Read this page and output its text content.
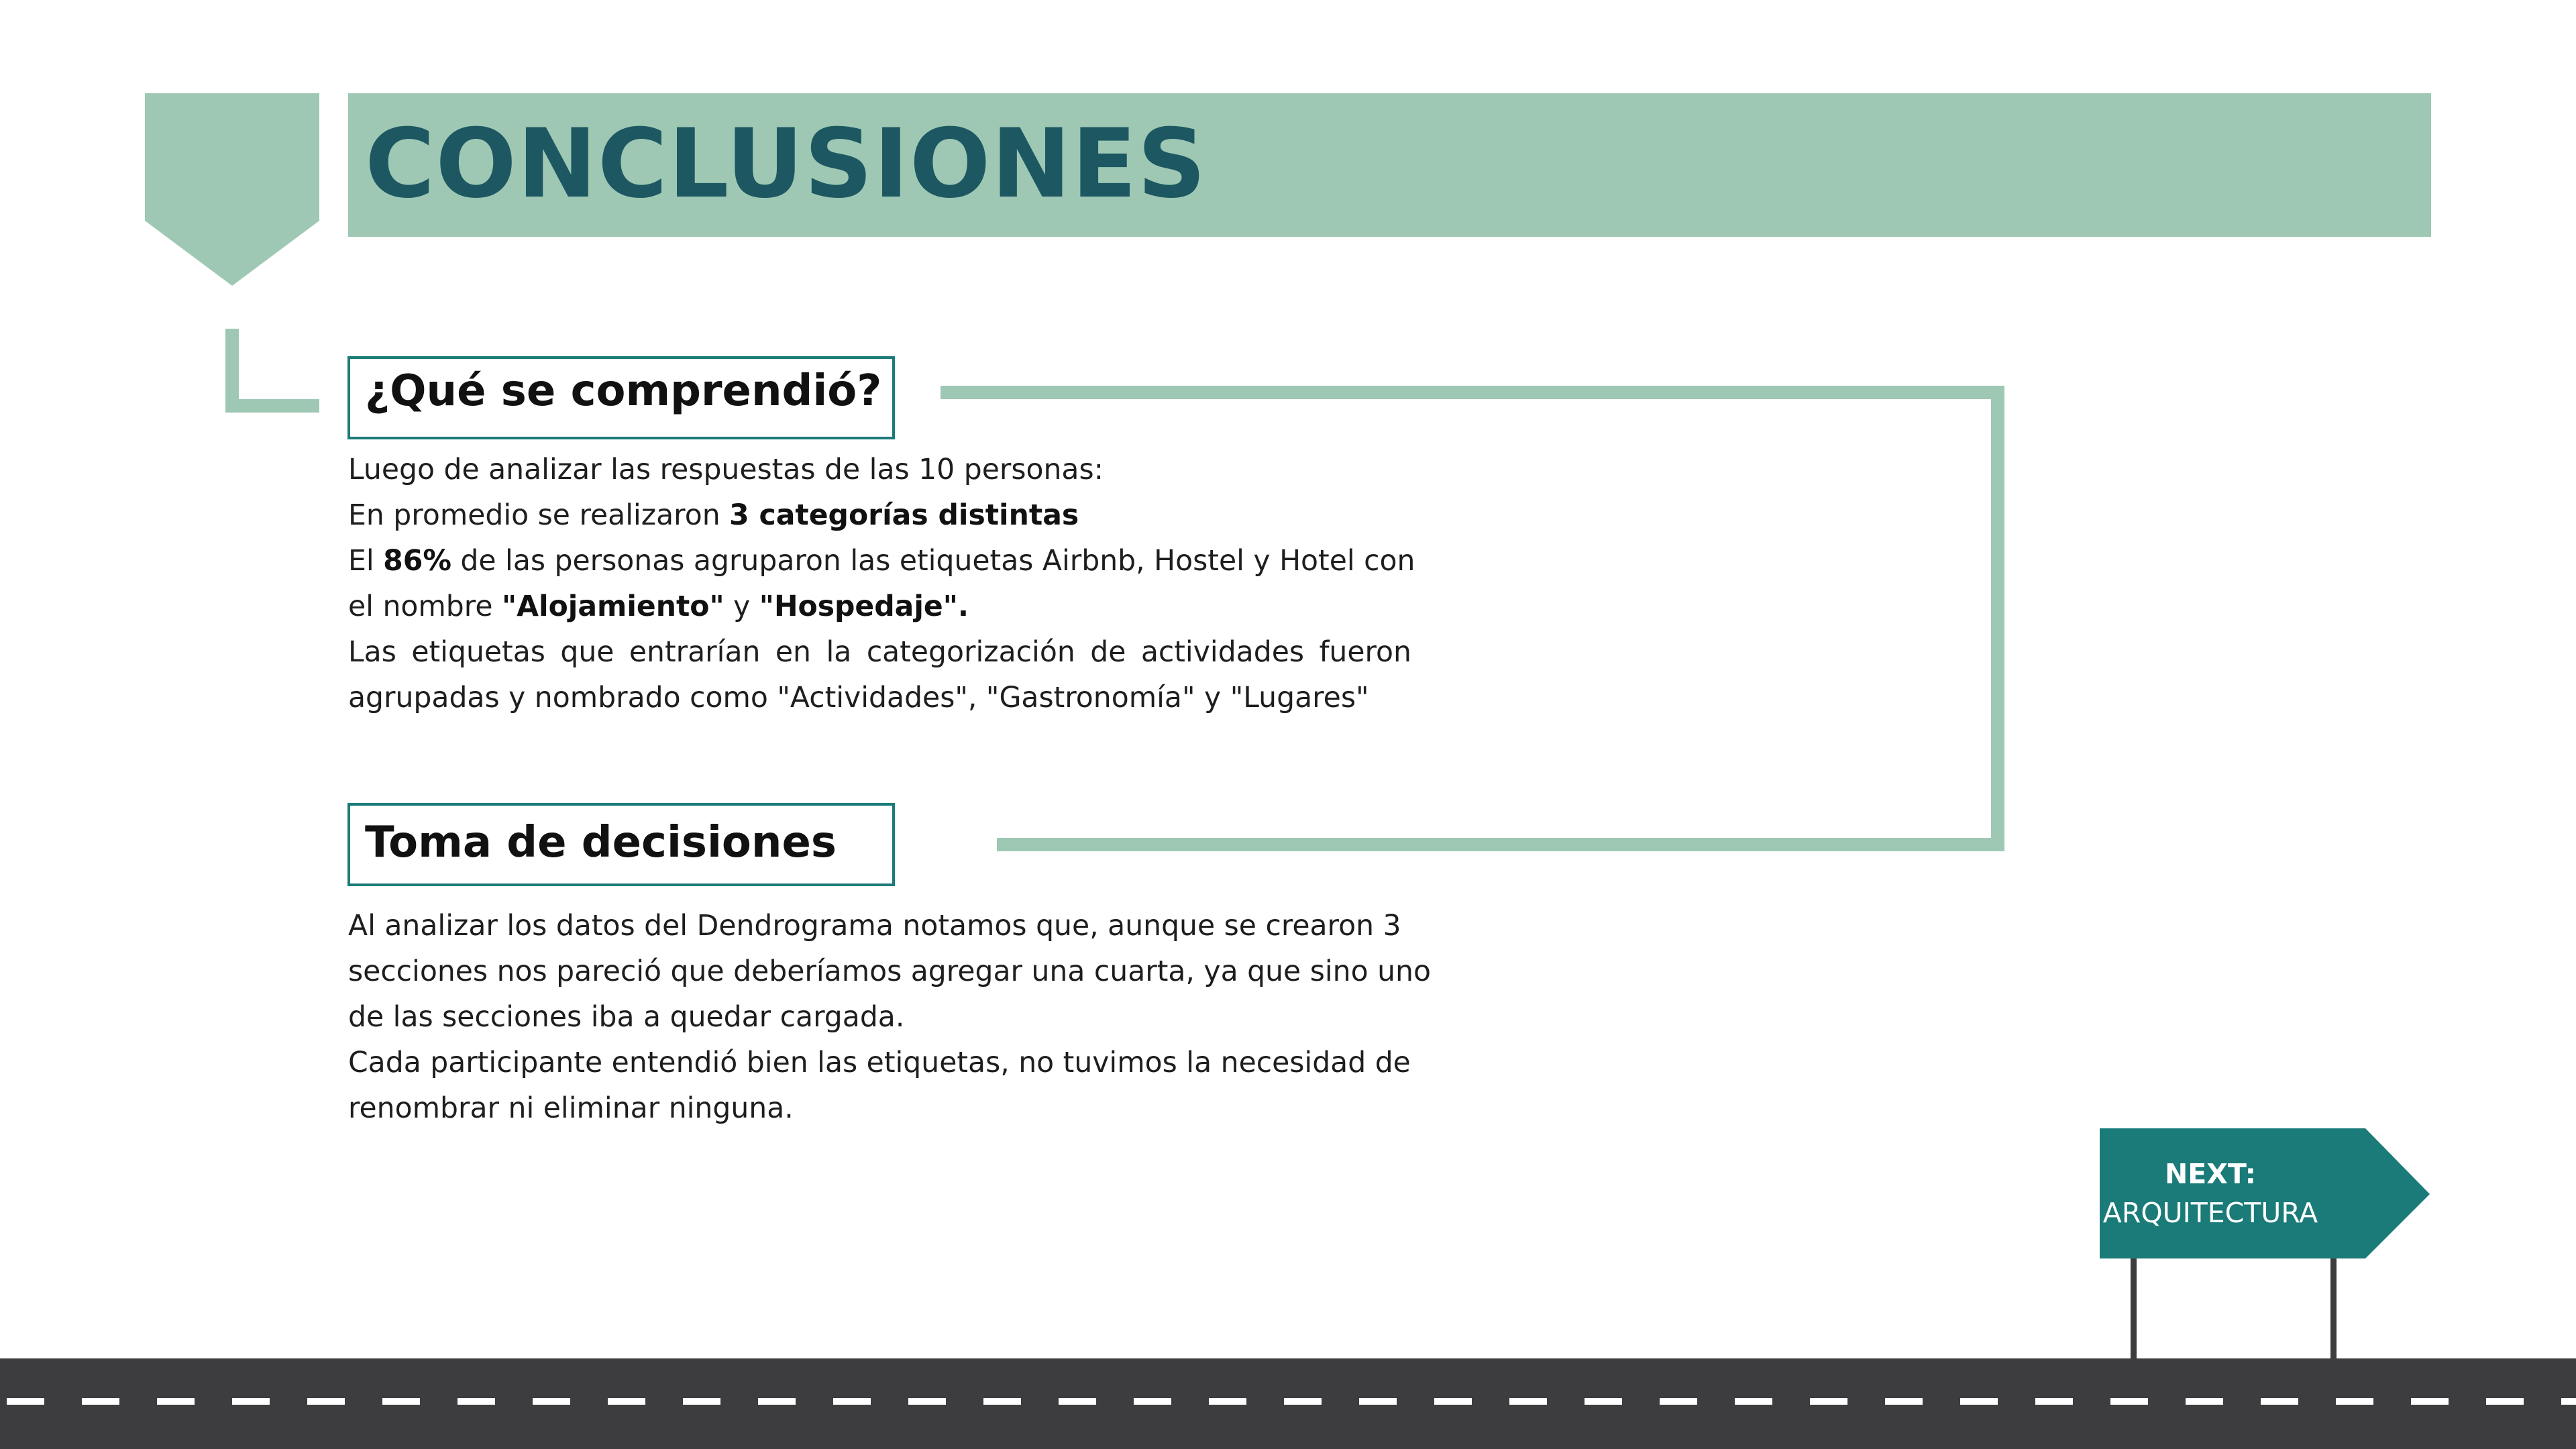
CONCLUSIONES
¿Qué se comprendió?

Luego de analizar las respuestas de las 10 personas:

En promedio se realizaron 3 categorías distintas

El 86% de las personas agruparon las etiquetas Airbnb, Hostel y Hotel con

el nombre "Alojamiento" y "Hospedaje".

Las etiquetas que entrarían en la categorización de actividades fueron

agrupadas y nombrado como "Actividades", "Gastronomía" y "Lugares"

Toma de decisiones

Al analizar los datos del Dendrograma notamos que, aunque se crearon 3

secciones nos pareció que deberíamos agregar una cuarta, ya que sino uno

de las secciones iba a quedar cargada.

Cada participante entendió bien las etiquetas, no tuvimos la necesidad de

renombrar ni eliminar ninguna.

NEXT:
ARQUITECTURA
